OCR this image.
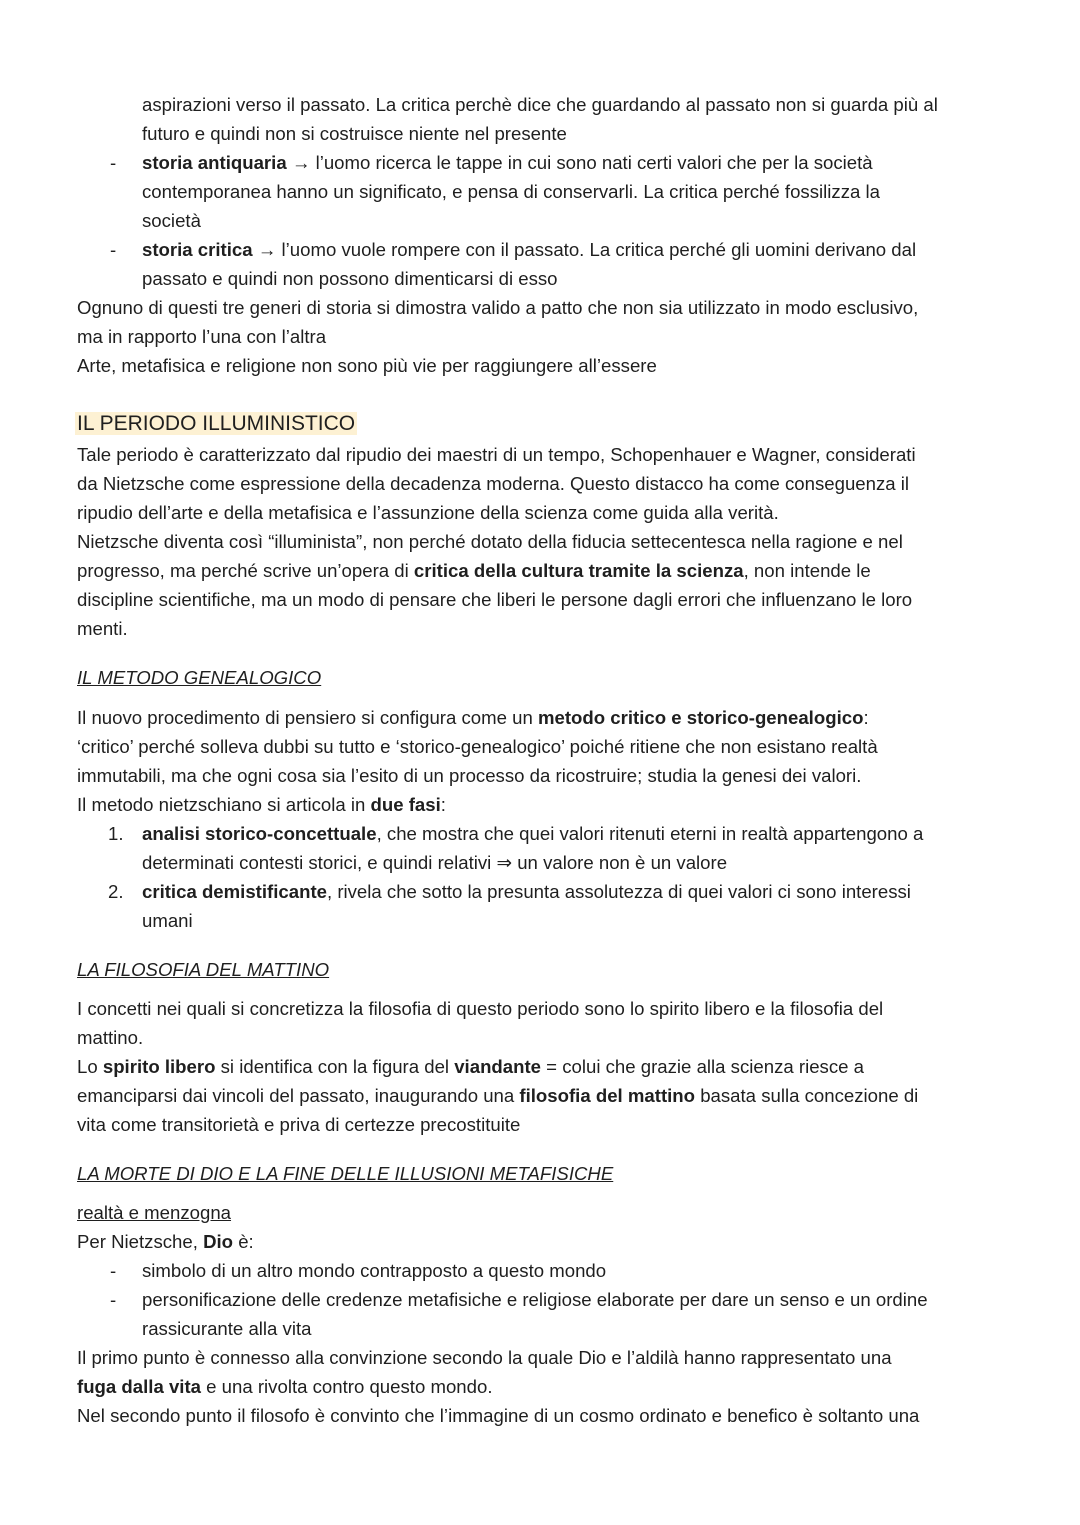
aspirazioni verso il passato. La critica perchè dice che guardando al passato non si guarda più al
futuro e quindi non si costruisce niente nel presente
- storia antiquaria → l’uomo ricerca le tappe in cui sono nati certi valori che per la società
contemporanea hanno un significato, e pensa di conservarli. La critica perché fossilizza la
società
- storia critica → l’uomo vuole rompere con il passato. La critica perché gli uomini derivano dal
passato e quindi non possono dimenticarsi di esso
Ognuno di questi tre generi di storia si dimostra valido a patto che non sia utilizzato in modo esclusivo,
ma in rapporto l’una con l’altra
Arte, metafisica e religione non sono più vie per raggiungere all’essere
IL PERIODO ILLUMINISTICO
Tale periodo è caratterizzato dal ripudio dei maestri di un tempo, Schopenhauer e Wagner, considerati
da Nietzsche come espressione della decadenza moderna. Questo distacco ha come conseguenza il
ripudio dell’arte e della metafisica e l’assunzione della scienza come guida alla verità.
Nietzsche diventa così “illuminista”, non perché dotato della fiducia settecentesca nella ragione e nel
progresso, ma perché scrive un’opera di critica della cultura tramite la scienza, non intende le
discipline scientifiche, ma un modo di pensare che liberi le persone dagli errori che influenzano le loro
menti.
IL METODO GENEALOGICO
Il nuovo procedimento di pensiero si configura come un metodo critico e storico-genealogico:
‘critico’ perché solleva dubbi su tutto e ‘storico-genealogico’ poiché ritiene che non esistano realtà
immutabili, ma che ogni cosa sia l’esito di un processo da ricostruire; studia la genesi dei valori.
Il metodo nietzschiano si articola in due fasi:
1. analisi storico-concettuale, che mostra che quei valori ritenuti eterni in realtà appartengono a
determinati contesti storici, e quindi relativi ⇒ un valore non è un valore
2. critica demistificante, rivela che sotto la presunta assolutezza di quei valori ci sono interessi
umani
LA FILOSOFIA DEL MATTINO
I concetti nei quali si concretizza la filosofia di questo periodo sono lo spirito libero e la filosofia del
mattino.
Lo spirito libero si identifica con la figura del viandante = colui che grazie alla scienza riesce a
emanciparsi dai vincoli del passato, inaugurando una filosofia del mattino basata sulla concezione di
vita come transitorietà e priva di certezze precostituite
LA MORTE DI DIO E LA FINE DELLE ILLUSIONI METAFISICHE
realtà e menzogna
Per Nietzsche, Dio è:
- simbolo di un altro mondo contrapposto a questo mondo
- personificazione delle credenze metafisiche e religiose elaborate per dare un senso e un ordine
rassicurante alla vita
Il primo punto è connesso alla convinzione secondo la quale Dio e l’aldilà hanno rappresentato una
fuga dalla vita e una rivolta contro questo mondo.
Nel secondo punto il filosofo è convinto che l’immagine di un cosmo ordinato e benefico è soltanto una
